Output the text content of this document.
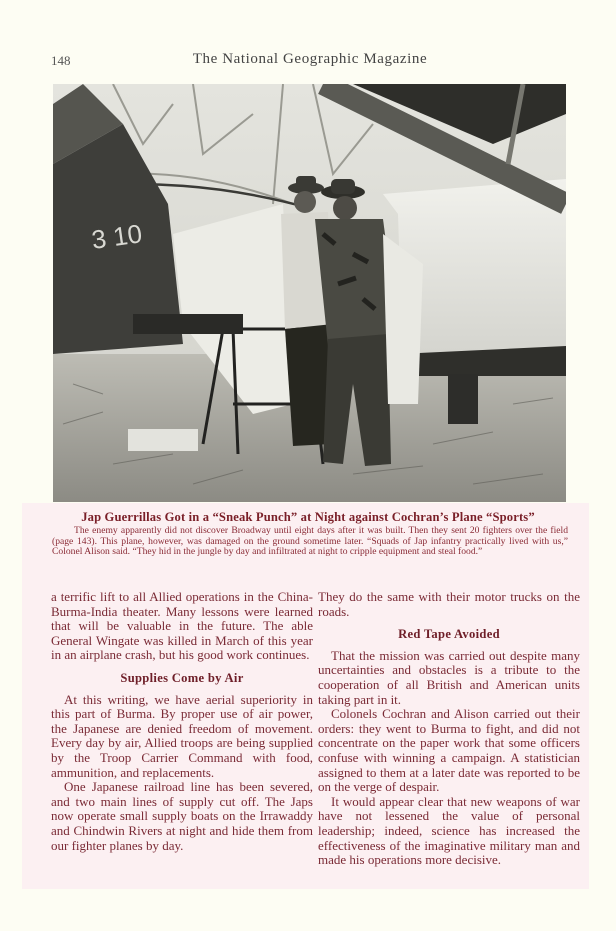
148	The National Geographic Magazine
3 10
Jap Guerrillas Got in a “Sneak Punch” at Night against Cochran’s Plane “Sports”
The enemy apparently did not discover Broadway until eight days after it was built. Then they sent 20 fighters over the field (page 143). This plane, however, was damaged on the ground sometime later. “Squads of Jap infantry practically lived with us,” Colonel Alison said. “They hid in the jungle by day and infiltrated at night to cripple equipment and steal food.”

a terrific lift to all Allied operations in the China-Burma-India theater. Many lessons were learned that will be valuable in the future. The able General Wingate was killed in March of this year in an airplane crash, but his good work continues.

Supplies Come by Air

At this writing, we have aerial superiority in this part of Burma. By proper use of air power, the Japanese are denied freedom of movement. Every day by air, Allied troops are being supplied by the Troop Carrier Command with food, ammunition, and replacements.

One Japanese railroad line has been severed, and two main lines of supply cut off. The Japs now operate small supply boats on the Irrawaddy and Chindwin Rivers at night and hide them from our fighter planes by day.

They do the same with their motor trucks on the roads.

Red Tape Avoided

That the mission was carried out despite many uncertainties and obstacles is a tribute to the cooperation of all British and American units taking part in it.

Colonels Cochran and Alison carried out their orders: they went to Burma to fight, and did not concentrate on the paper work that some officers confuse with winning a campaign. A statistician assigned to them at a later date was reported to be on the verge of despair.

It would appear clear that new weapons of war have not lessened the value of personal leadership; indeed, science has increased the effectiveness of the imaginative military man and made his operations more decisive.
